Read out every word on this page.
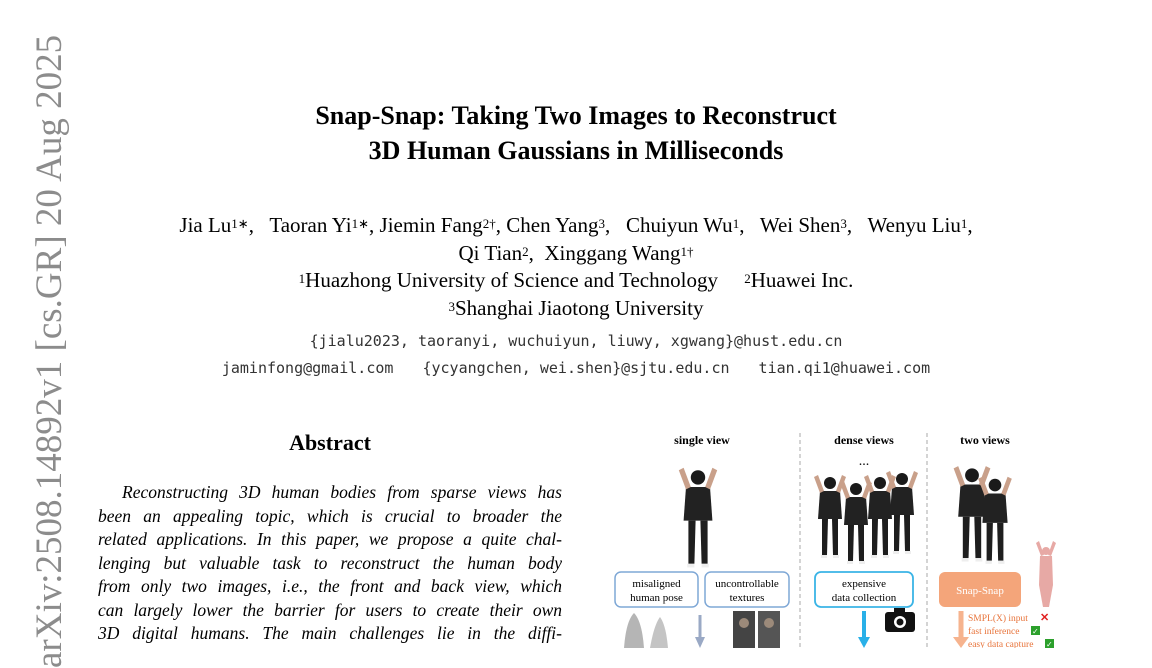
arXiv:2508.14892v1 [cs.GR] 20 Aug 2025	Snap-Snap: Taking Two Images to Reconstruct
3D Human Gaussians in Milliseconds
Jia $Lu^{1∗}$,   Taoran $Yi^{1∗}$, Jiemin Fang$^{2\dagger}$, Chen Yang$^3$,   Chuiyun Wu$^1$,   Wei Shen$^3$,   Wenyu Liu$^1$,
Qi Tian$^2$,  Xinggang Wang$^{1\dagger}$
$^1$Huazhong University of Science and Technology $^2$Huawei Inc.
$^3$Shanghai Jiaotong University
{jialu2023, taoranyi, wuchuiyun, liuwy, xgwang}@hust.edu.cn
jaminfong@gmail.com {ycyangchen, wei.shen}@sjtu.edu.cn tian.qi1@huawei.com
Abstract
Reconstructing 3D human bodies from sparse views has
been an appealing topic, which is crucial to broader the
related applications. In this paper, we propose a quite chal-
lenging but valuable task to reconstruct the human body
from only two images, i.e., the front and back view, which
can largely lower the barrier for users to create their own
3D digital humans. The main challenges lie in the diffi-
single view	dense views	two views
...
misaligned
human pose
uncontrollable
textures
expensive
data collection
Snap-Snap
SMPL(X) input ✕
fast inference ✓
easy data capture ✓
